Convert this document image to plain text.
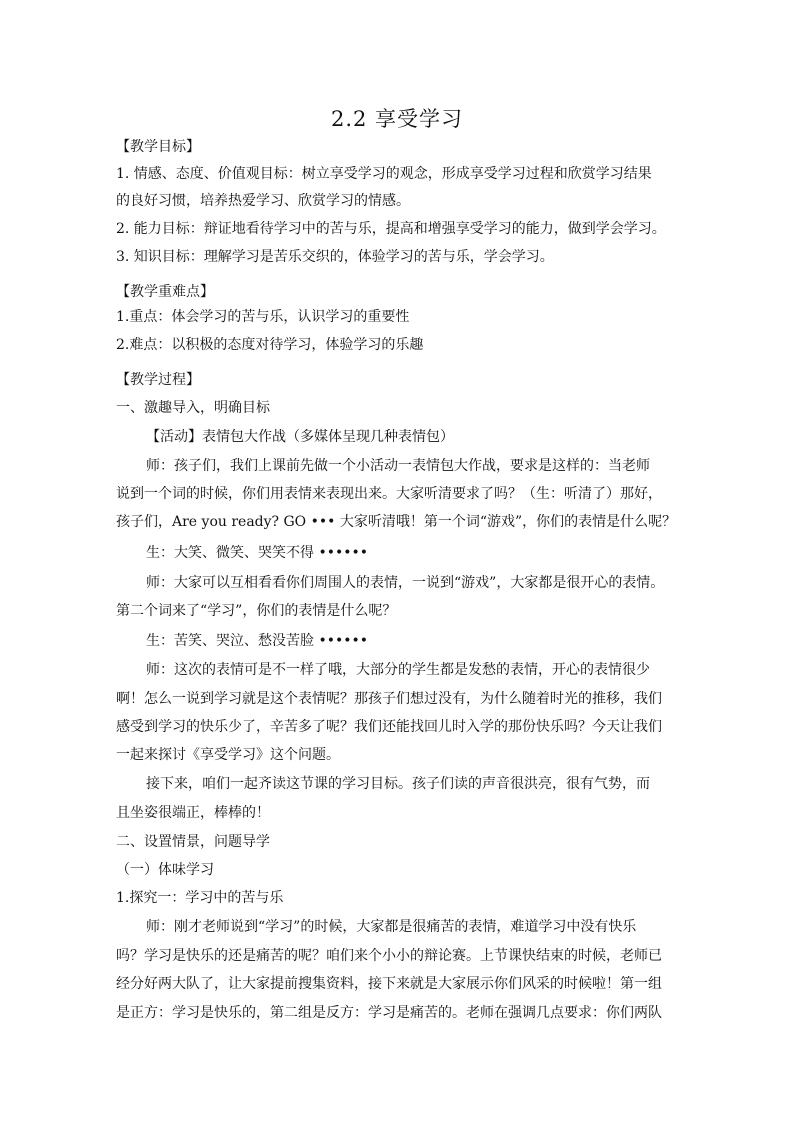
2.2 享受学习
【教学目标】
1. 情感、态度、价值观目标：树立享受学习的观念，形成享受学习过程和欣赏学习结果
的良好习惯，培养热爱学习、欣赏学习的情感。
2. 能力目标：辩证地看待学习中的苦与乐，提高和增强享受学习的能力，做到学会学习。
3. 知识目标：理解学习是苦乐交织的，体验学习的苦与乐，学会学习。
【教学重难点】
1.重点：体会学习的苦与乐，认识学习的重要性
2.难点：以积极的态度对待学习，体验学习的乐趣
【教学过程】
一、激趣导入，明确目标
【活动】表情包大作战（多媒体呈现几种表情包）
师：孩子们，我们上课前先做一个小活动一表情包大作战，要求是这样的：当老师
说到一个词的时候，你们用表情来表现出来。大家听清要求了吗？（生：听清了）那好，
孩子们，Are you ready? GO ••• 大家听清哦！第一个词“游戏”，你们的表情是什么呢？
生：大笑、微笑、哭笑不得 ••••••
师：大家可以互相看看你们周围人的表情，一说到“游戏”，大家都是很开心的表情。
第二个词来了“学习”，你们的表情是什么呢？
生：苦笑、哭泣、愁没苦脸 ••••••
师：这次的表情可是不一样了哦，大部分的学生都是发愁的表情，开心的表情很少
啊！怎么一说到学习就是这个表情呢？那孩子们想过没有，为什么随着时光的推移，我们
感受到学习的快乐少了，辛苦多了呢？我们还能找回儿时入学的那份快乐吗？今天让我们
一起来探讨《享受学习》这个问题。
接下来，咱们一起齐读这节课的学习目标。孩子们读的声音很洪亮，很有气势，而
且坐姿很端正，棒棒的！
二、设置情景，问题导学
（一）体味学习
1.探究一：学习中的苦与乐
师：刚才老师说到“学习”的时候，大家都是很痛苦的表情，难道学习中没有快乐
吗？学习是快乐的还是痛苦的呢？咱们来个小小的辩论赛。上节课快结束的时候，老师已
经分好两大队了，让大家提前搜集资料，接下来就是大家展示你们风采的时候啦！第一组
是正方：学习是快乐的，第二组是反方：学习是痛苦的。老师在强调几点要求：你们两队
